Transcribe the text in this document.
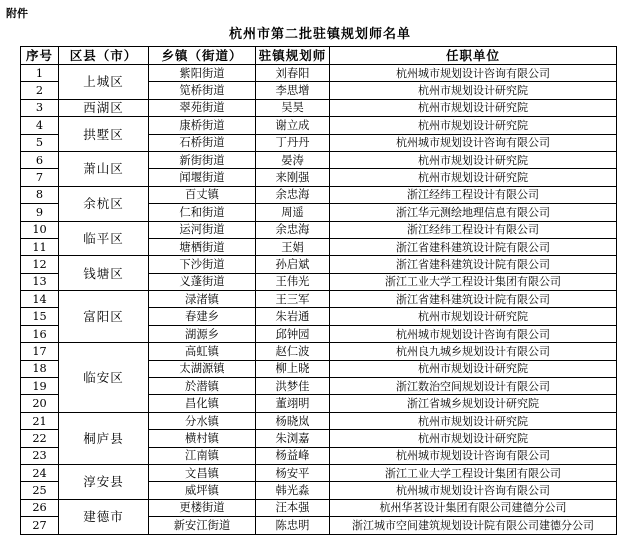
附件
杭州市第二批驻镇规划师名单
序号	区县（市）	乡镇（街道）	驻镇规划师	任职单位
1	上城区	紫阳街道	刘春阳	杭州城市规划设计咨询有限公司
2		笕桥街道	李思增	杭州市规划设计研究院
3	西湖区	翠苑街道	吴昊	杭州市规划设计研究院
4	拱墅区	康桥街道	谢立成	杭州市规划设计研究院
5		石桥街道	丁丹丹	杭州城市规划设计咨询有限公司
6	萧山区	新街街道	晏涛	杭州市规划设计研究院
7		闻堰街道	来刚强	杭州市规划设计研究院
8	余杭区	百丈镇	余忠海	浙江经纬工程设计有限公司
9		仁和街道	周遥	浙江华元测绘地理信息有限公司
10	临平区	运河街道	余忠海	浙江经纬工程设计有限公司
11		塘栖街道	王娟	浙江省建科建筑设计院有限公司
12	钱塘区	下沙街道	孙启斌	浙江省建科建筑设计院有限公司
13		义蓬街道	王伟光	浙江工业大学工程设计集团有限公司
14	富阳区	渌渚镇	王三军	浙江省建科建筑设计院有限公司
15		春建乡	朱岩通	杭州市规划设计研究院
16		湖源乡	邱钟园	杭州城市规划设计咨询有限公司
17	临安区	高虹镇	赵仁波	杭州良九城乡规划设计有限公司
18		太湖源镇	柳上晓	杭州市规划设计研究院
19		於潜镇	洪梦佳	浙江数治空间规划设计有限公司
20		昌化镇	董翊明	浙江省城乡规划设计研究院
21	桐庐县	分水镇	杨晓岚	杭州市规划设计研究院
22		横村镇	朱浏嘉	杭州市规划设计研究院
23		江南镇	杨益峰	杭州城市规划设计咨询有限公司
24	淳安县	文昌镇	杨安平	浙江工业大学工程设计集团有限公司
25		威坪镇	韩光淼	杭州城市规划设计咨询有限公司
26	建德市	更楼街道	汪本强	杭州华茗设计集团有限公司建德分公司
27		新安江街道	陈忠明	浙江城市空间建筑规划设计院有限公司建德分公司
